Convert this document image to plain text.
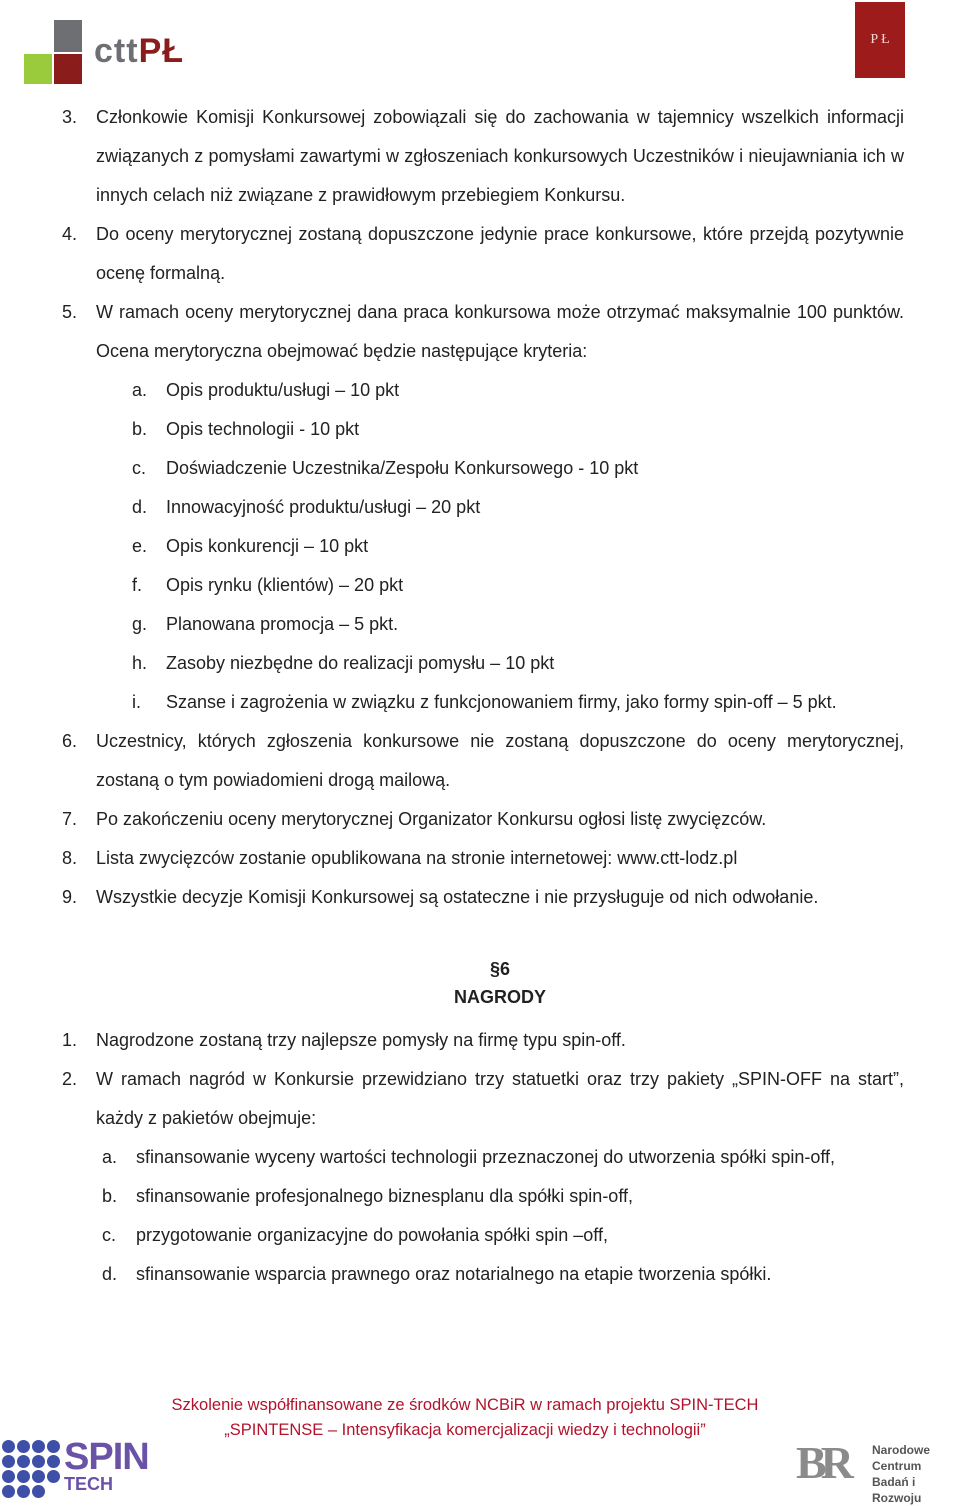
cttPŁ	P Ł
3.	Członkowie Komisji Konkursowej zobowiązali się do zachowania w tajemnicy wszelkich informacji związanych z pomysłami zawartymi w zgłoszeniach konkursowych Uczestników i nieujawniania ich w innych celach niż związane z prawidłowym przebiegiem Konkursu.
4.	Do oceny merytorycznej zostaną dopuszczone jedynie prace konkursowe, które przejdą pozytywnie ocenę formalną.
5.	W ramach oceny merytorycznej dana praca konkursowa może otrzymać maksymalnie 100 punktów. Ocena merytoryczna obejmować będzie następujące kryteria:
a.	Opis produktu/usługi – 10 pkt
b.	Opis technologii - 10 pkt
c.	Doświadczenie Uczestnika/Zespołu Konkursowego - 10 pkt
d.	Innowacyjność produktu/usługi – 20 pkt
e.	Opis konkurencji – 10 pkt
f.	Opis rynku (klientów) – 20 pkt
g.	Planowana promocja – 5 pkt.
h.	Zasoby niezbędne do realizacji pomysłu – 10 pkt
i.	Szanse i zagrożenia w związku z funkcjonowaniem firmy, jako formy spin-off – 5 pkt.
6.	Uczestnicy, których zgłoszenia konkursowe nie zostaną dopuszczone do oceny merytorycznej, zostaną o tym powiadomieni drogą mailową.
7.	Po zakończeniu oceny merytorycznej Organizator Konkursu ogłosi listę zwycięzców.
8.	Lista zwycięzców zostanie opublikowana na stronie internetowej: www.ctt-lodz.pl
9.	Wszystkie decyzje Komisji Konkursowej są ostateczne i nie przysługuje od nich odwołanie.
§6
NAGRODY
1.	Nagrodzone zostaną trzy najlepsze pomysły na firmę typu spin-off.
2.	W ramach nagród w Konkursie przewidziano trzy statuetki oraz trzy pakiety „SPIN-OFF na start”, każdy z pakietów obejmuje:
a.	sfinansowanie wyceny wartości technologii przeznaczonej do utworzenia spółki spin-off,
b.	sfinansowanie profesjonalnego biznesplanu dla spółki spin-off,
c.	przygotowanie organizacyjne do powołania spółki spin –off,
d.	sfinansowanie wsparcia prawnego oraz notarialnego na etapie tworzenia spółki.
Szkolenie współfinansowane ze środków NCBiR w ramach projektu SPIN-TECH
„SPINTENSE – Intensyfikacja komercjalizacji wiedzy i technologii”
SPIN
TECH	BR Narodowe Centrum
Badań i Rozwoju
